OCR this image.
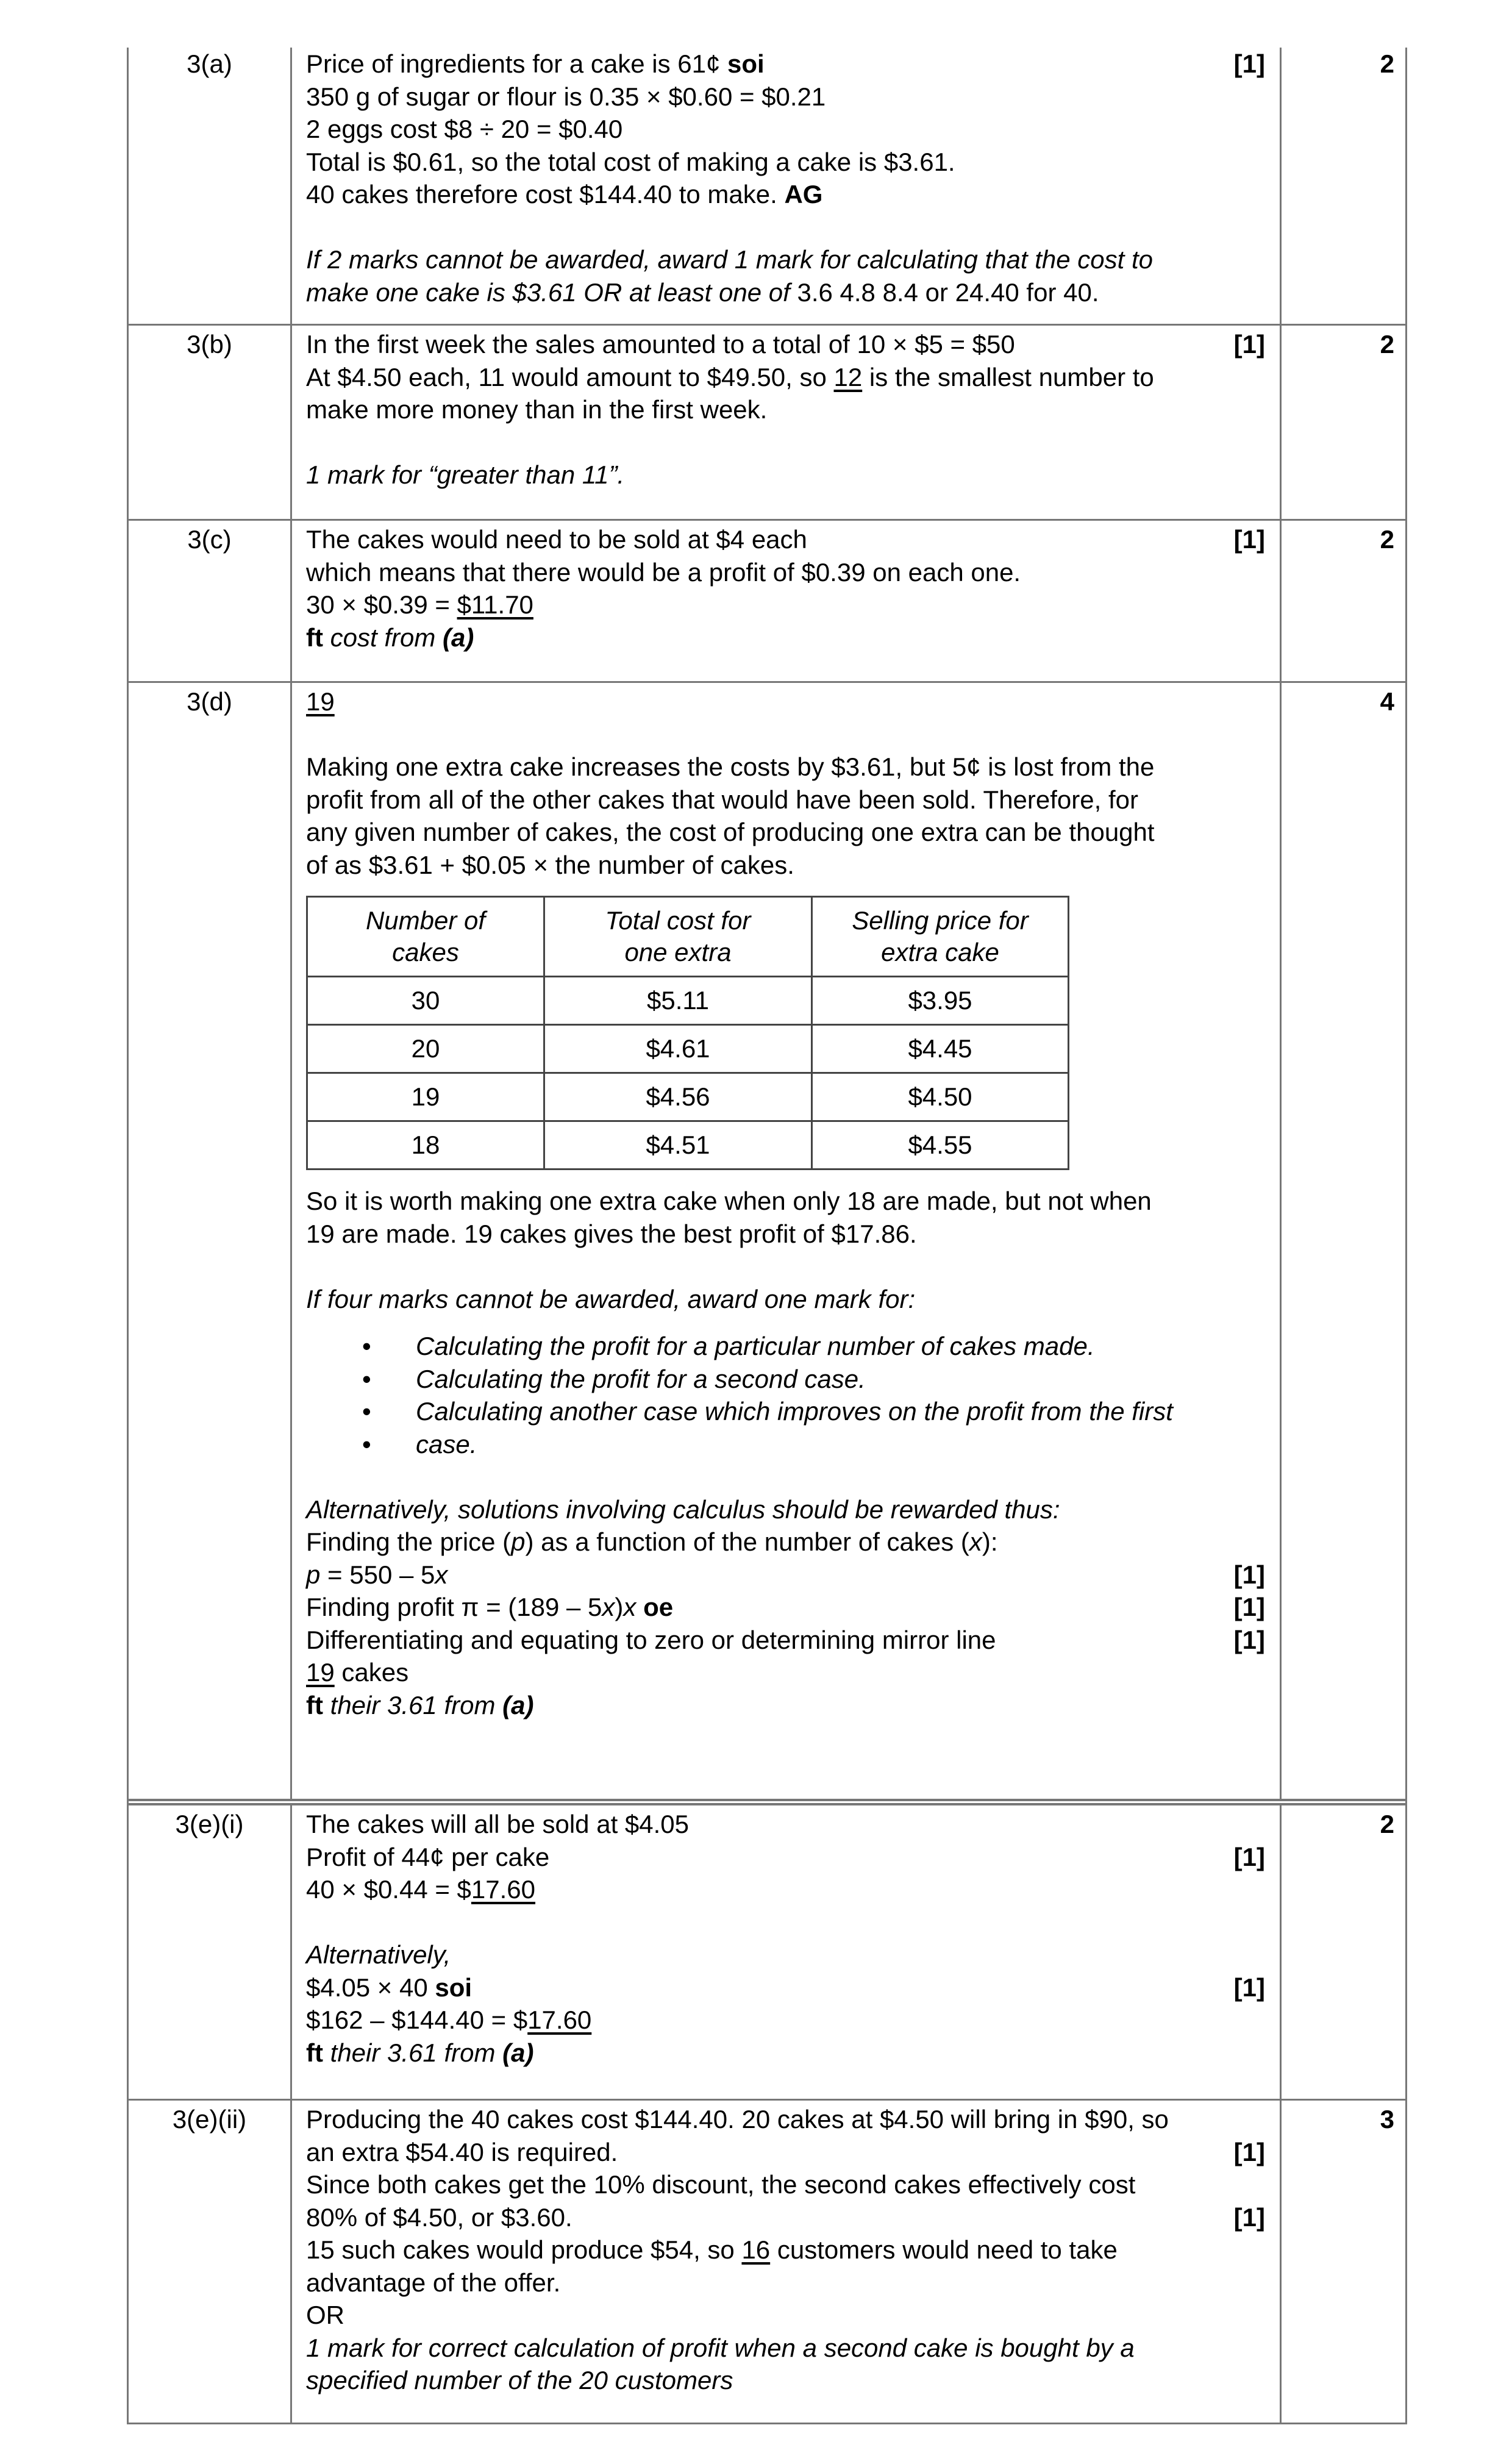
3(a)	Price of ingredients for a cake is 61¢ soi	[1]
350 g of sugar or flour is 0.35 × $0.60 = $0.21
2 eggs cost $8 ÷ 20 = $0.40
Total is $0.61, so the total cost of making a cake is $3.61.
40 cakes therefore cost $144.40 to make. AG
If 2 marks cannot be awarded, award 1 mark for calculating that the cost to
make one cake is $3.61 OR at least one of 3.6 4.8 8.4 or 24.40 for 40.
2
3(b)	In the first week the sales amounted to a total of 10 × $5 = $50	[1]
At $4.50 each, 11 would amount to $49.50, so 12 is the smallest number to
make more money than in the first week.
1 mark for “greater than 11”.
2
3(c)	The cakes would need to be sold at $4 each	[1]
which means that there would be a profit of $0.39 on each one.
30 × $0.39 = $11.70
ft cost from (a)
2
3(d)	19
Making one extra cake increases the costs by $3.61, but 5¢ is lost from the
profit from all of the other cakes that would have been sold. Therefore, for
any given number of cakes, the cost of producing one extra can be thought
of as $3.61 + $0.05 × the number of cakes.
Number of
cakes	Total cost for
one extra	Selling price for
extra cake
30	$5.11	$3.95
20	$4.61	$4.45
19	$4.56	$4.50
18	$4.51	$4.55
So it is worth making one extra cake when only 18 are made, but not when
19 are made. 19 cakes gives the best profit of $17.86.
If four marks cannot be awarded, award one mark for:
• Calculating the profit for a particular number of cakes made.
• Calculating the profit for a second case.
• Calculating another case which improves on the profit from the first
• case.
Alternatively, solutions involving calculus should be rewarded thus:
Finding the price (p) as a function of the number of cakes (x):
p = 550 – 5x	[1]
Finding profit π = (189 – 5x)x oe	[1]
Differentiating and equating to zero or determining mirror line	[1]
19 cakes
ft their 3.61 from (a)
4
3(e)(i)	The cakes will all be sold at $4.05
Profit of 44¢ per cake	[1]
40 × $0.44 = $17.60
Alternatively,
$4.05 × 40 soi	[1]
$162 – $144.40 = $17.60
ft their 3.61 from (a)
2
3(e)(ii)	Producing the 40 cakes cost $144.40. 20 cakes at $4.50 will bring in $90, so
an extra $54.40 is required.	[1]
Since both cakes get the 10% discount, the second cakes effectively cost
80% of $4.50, or $3.60.	[1]
15 such cakes would produce $54, so 16 customers would need to take
advantage of the offer.
OR
1 mark for correct calculation of profit when a second cake is bought by a
specified number of the 20 customers
3
